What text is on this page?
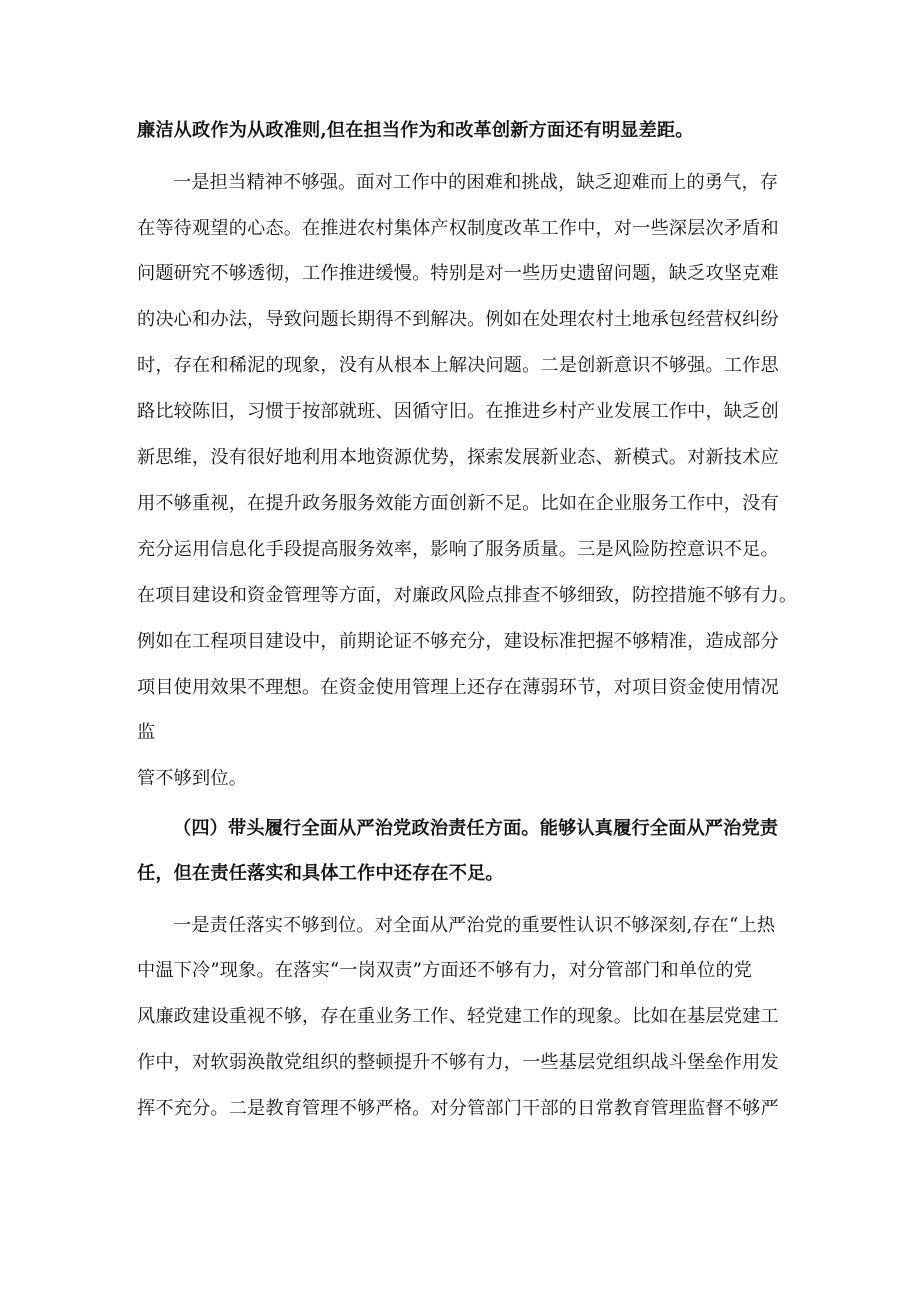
廉洁从政作为从政准则,但在担当作为和改革创新方面还有明显差距。
一是担当精神不够强。面对工作中的困难和挑战，缺乏迎难而上的勇气，存
在等待观望的心态。在推进农村集体产权制度改革工作中，对一些深层次矛盾和
问题研究不够透彻，工作推进缓慢。特别是对一些历史遗留问题，缺乏攻坚克难
的决心和办法，导致问题长期得不到解决。例如在处理农村土地承包经营权纠纷
时，存在和稀泥的现象，没有从根本上解决问题。二是创新意识不够强。工作思
路比较陈旧，习惯于按部就班、因循守旧。在推进乡村产业发展工作中，缺乏创
新思维，没有很好地利用本地资源优势，探索发展新业态、新模式。对新技术应
用不够重视，在提升政务服务效能方面创新不足。比如在企业服务工作中，没有
充分运用信息化手段提高服务效率，影响了服务质量。三是风险防控意识不足。
在项目建设和资金管理等方面，对廉政风险点排查不够细致，防控措施不够有力。
例如在工程项目建设中，前期论证不够充分，建设标准把握不够精准，造成部分
项目使用效果不理想。在资金使用管理上还存在薄弱环节，对项目资金使用情况
监
管不够到位。
（四）带头履行全面从严治党政治责任方面。能够认真履行全面从严治党责
任，但在责任落实和具体工作中还存在不足。
一是责任落实不够到位。对全面从严治党的重要性认识不够深刻,存在“上热
中温下冷”现象。在落实“一岗双责”方面还不够有力，对分管部门和单位的党
风廉政建设重视不够，存在重业务工作、轻党建工作的现象。比如在基层党建工
作中，对软弱涣散党组织的整顿提升不够有力，一些基层党组织战斗堡垒作用发
挥不充分。二是教育管理不够严格。对分管部门干部的日常教育管理监督不够严
